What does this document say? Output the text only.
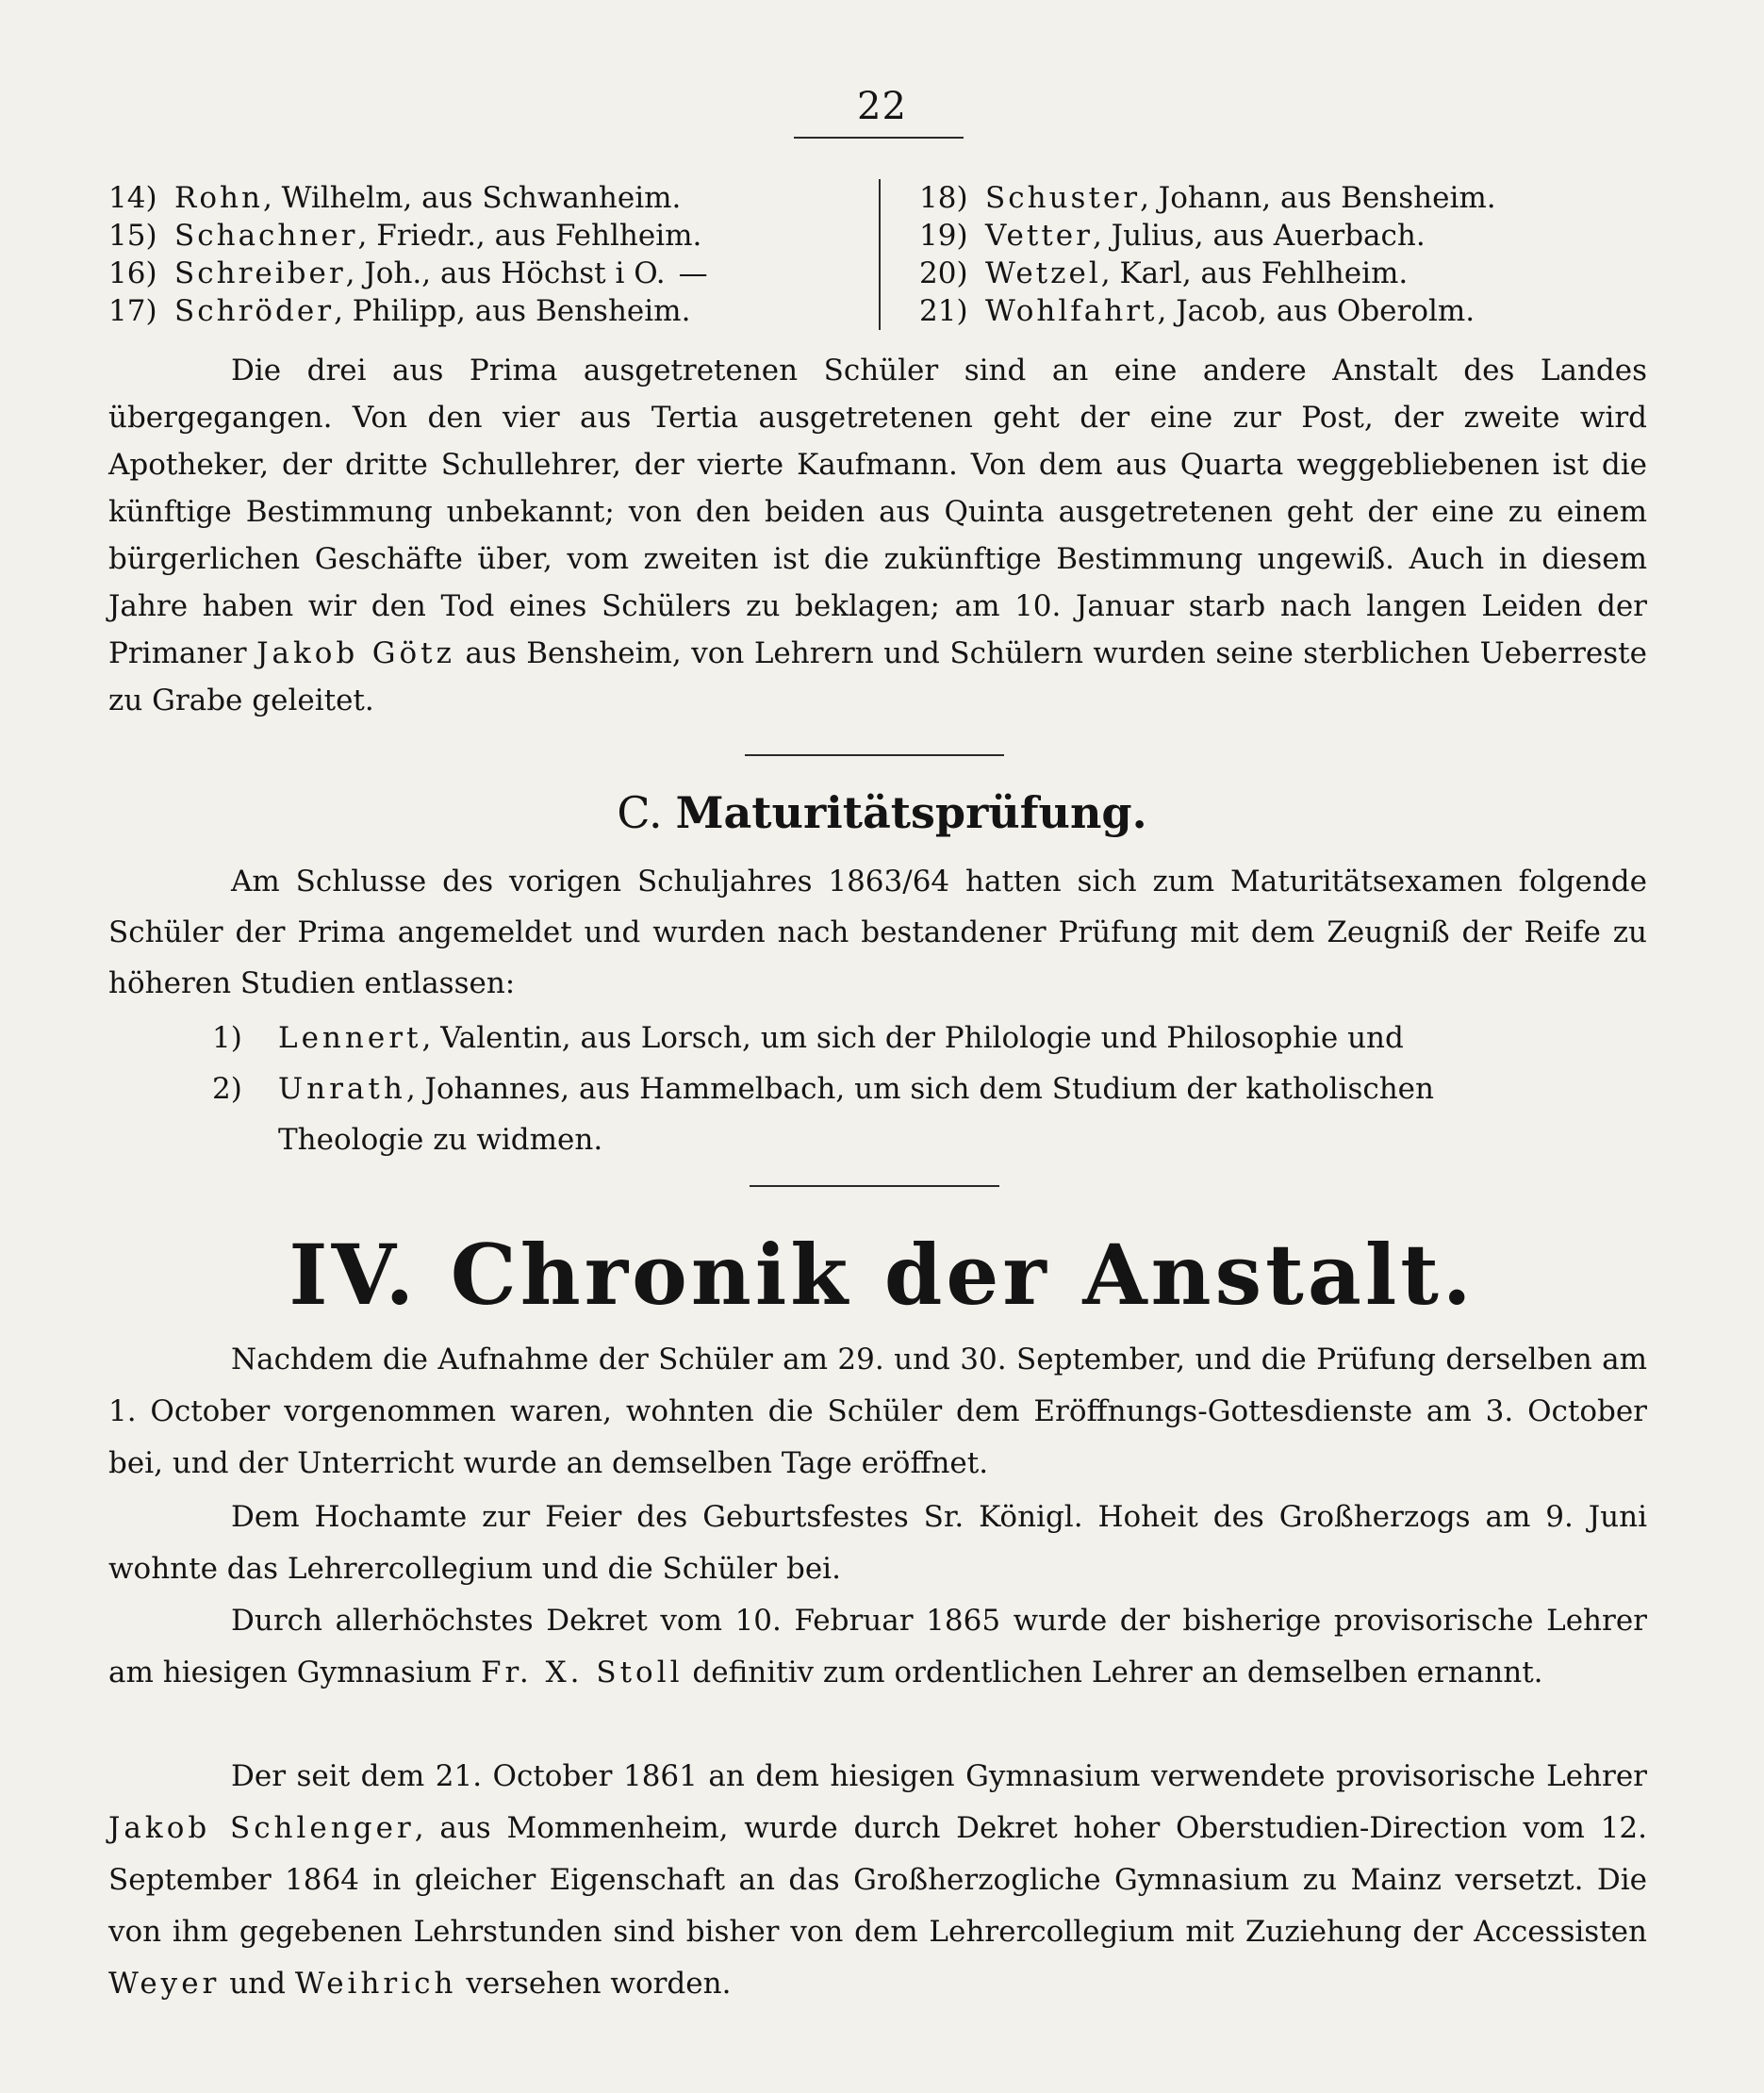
22
14) Rohn, Wilhelm, aus Schwanheim.
15) Schachner, Friedr., aus Fehlheim.
16) Schreiber, Joh., aus Höchst i O. —
17) Schröder, Philipp, aus Bensheim.
18) Schuster, Johann, aus Bensheim.
19) Vetter, Julius, aus Auerbach.
20) Wetzel, Karl, aus Fehlheim.
21) Wohlfahrt, Jacob, aus Oberolm.
Die drei aus Prima ausgetretenen Schüler sind an eine andere Anstalt des Landes übergegangen. Von den vier aus Tertia ausgetretenen geht der eine zur Post, der zweite wird Apotheker, der dritte Schullehrer, der vierte Kaufmann. Von dem aus Quarta weggebliebenen ist die künftige Bestimmung unbekannt; von den beiden aus Quinta ausgetretenen geht der eine zu einem bürgerlichen Geschäfte über, vom zweiten ist die zukünftige Bestimmung ungewiß. Auch in diesem Jahre haben wir den Tod eines Schülers zu beklagen; am 10. Januar starb nach langen Leiden der Primaner Jakob Götz aus Bensheim, von Lehrern und Schülern wurden seine sterblichen Ueberreste zu Grabe geleitet.
C. Maturitätsprüfung.
Am Schlusse des vorigen Schuljahres 1863/64 hatten sich zum Maturitätsexamen folgende Schüler der Prima angemeldet und wurden nach bestandener Prüfung mit dem Zeugniß der Reife zu höheren Studien entlassen:
1) Lennert, Valentin, aus Lorsch, um sich der Philologie und Philosophie und
2) Unrath, Johannes, aus Hammelbach, um sich dem Studium der katholischen
Theologie zu widmen.
IV. Chronik der Anstalt.
Nachdem die Aufnahme der Schüler am 29. und 30. September, und die Prüfung derselben am 1. October vorgenommen waren, wohnten die Schüler dem Eröffnungs-Gottesdienste am 3. October bei, und der Unterricht wurde an demselben Tage eröffnet.
Dem Hochamte zur Feier des Geburtsfestes Sr. Königl. Hoheit des Großherzogs am 9. Juni wohnte das Lehrercollegium und die Schüler bei.
Durch allerhöchstes Dekret vom 10. Februar 1865 wurde der bisherige provisorische Lehrer am hiesigen Gymnasium Fr. X. Stoll definitiv zum ordentlichen Lehrer an demselben ernannt.
Der seit dem 21. October 1861 an dem hiesigen Gymnasium verwendete provisorische Lehrer Jakob Schlenger, aus Mommenheim, wurde durch Dekret hoher Oberstudien-Direction vom 12. September 1864 in gleicher Eigenschaft an das Großherzogliche Gymnasium zu Mainz versetzt. Die von ihm gegebenen Lehrstunden sind bisher von dem Lehrercollegium mit Zuziehung der Accessisten Weyer und Weihrich versehen worden.
